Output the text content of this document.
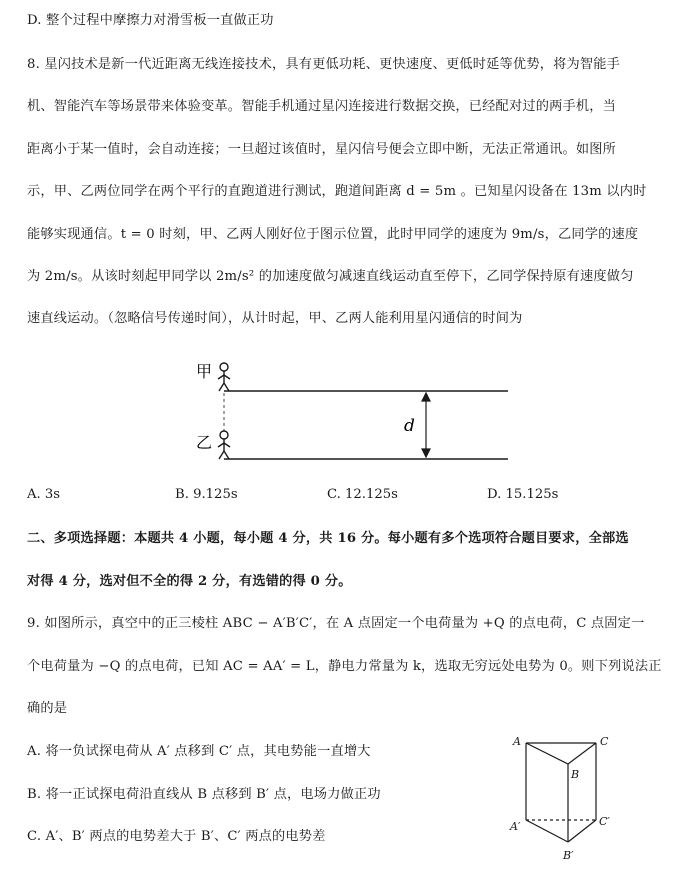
D. 整个过程中摩擦力对滑雪板一直做正功
8. 星闪技术是新一代近距离无线连接技术，具有更低功耗、更快速度、更低时延等优势，将为智能手
机、智能汽车等场景带来体验变革。智能手机通过星闪连接进行数据交换，已经配对过的两手机，当
距离小于某一值时，会自动连接；一旦超过该值时，星闪信号便会立即中断，无法正常通讯。如图所
示，甲、乙两位同学在两个平行的直跑道进行测试，跑道间距离 d = 5m 。已知星闪设备在 13m 以内时
能够实现通信。t = 0 时刻，甲、乙两人刚好位于图示位置，此时甲同学的速度为 9m/s，乙同学的速度
为 2m/s。从该时刻起甲同学以 2m/s² 的加速度做匀减速直线运动直至停下，乙同学保持原有速度做匀
速直线运动。（忽略信号传递时间），从计时起，甲、乙两人能利用星闪通信的时间为
甲
乙
d
A. 3s	B. 9.125s	C. 12.125s	D. 15.125s
二、多项选择题：本题共 4 小题，每小题 4 分，共 16 分。每小题有多个选项符合题目要求，全部选
对得 4 分，选对但不全的得 2 分，有选错的得 0 分。
9. 如图所示，真空中的正三棱柱 ABC − A′B′C′，在 A 点固定一个电荷量为 +Q 的点电荷，C 点固定一
个电荷量为 −Q 的点电荷，已知 AC = AA′ = L，静电力常量为 k，选取无穷远处电势为 0。则下列说法正
确的是
A. 将一负试探电荷从 A′ 点移到 C′ 点，其电势能一直增大
B. 将一正试探电荷沿直线从 B 点移到 B′ 点，电场力做正功
C. A′、B′ 两点的电势差大于 B′、C′ 两点的电势差
A	C
B
A′	C′
B′
